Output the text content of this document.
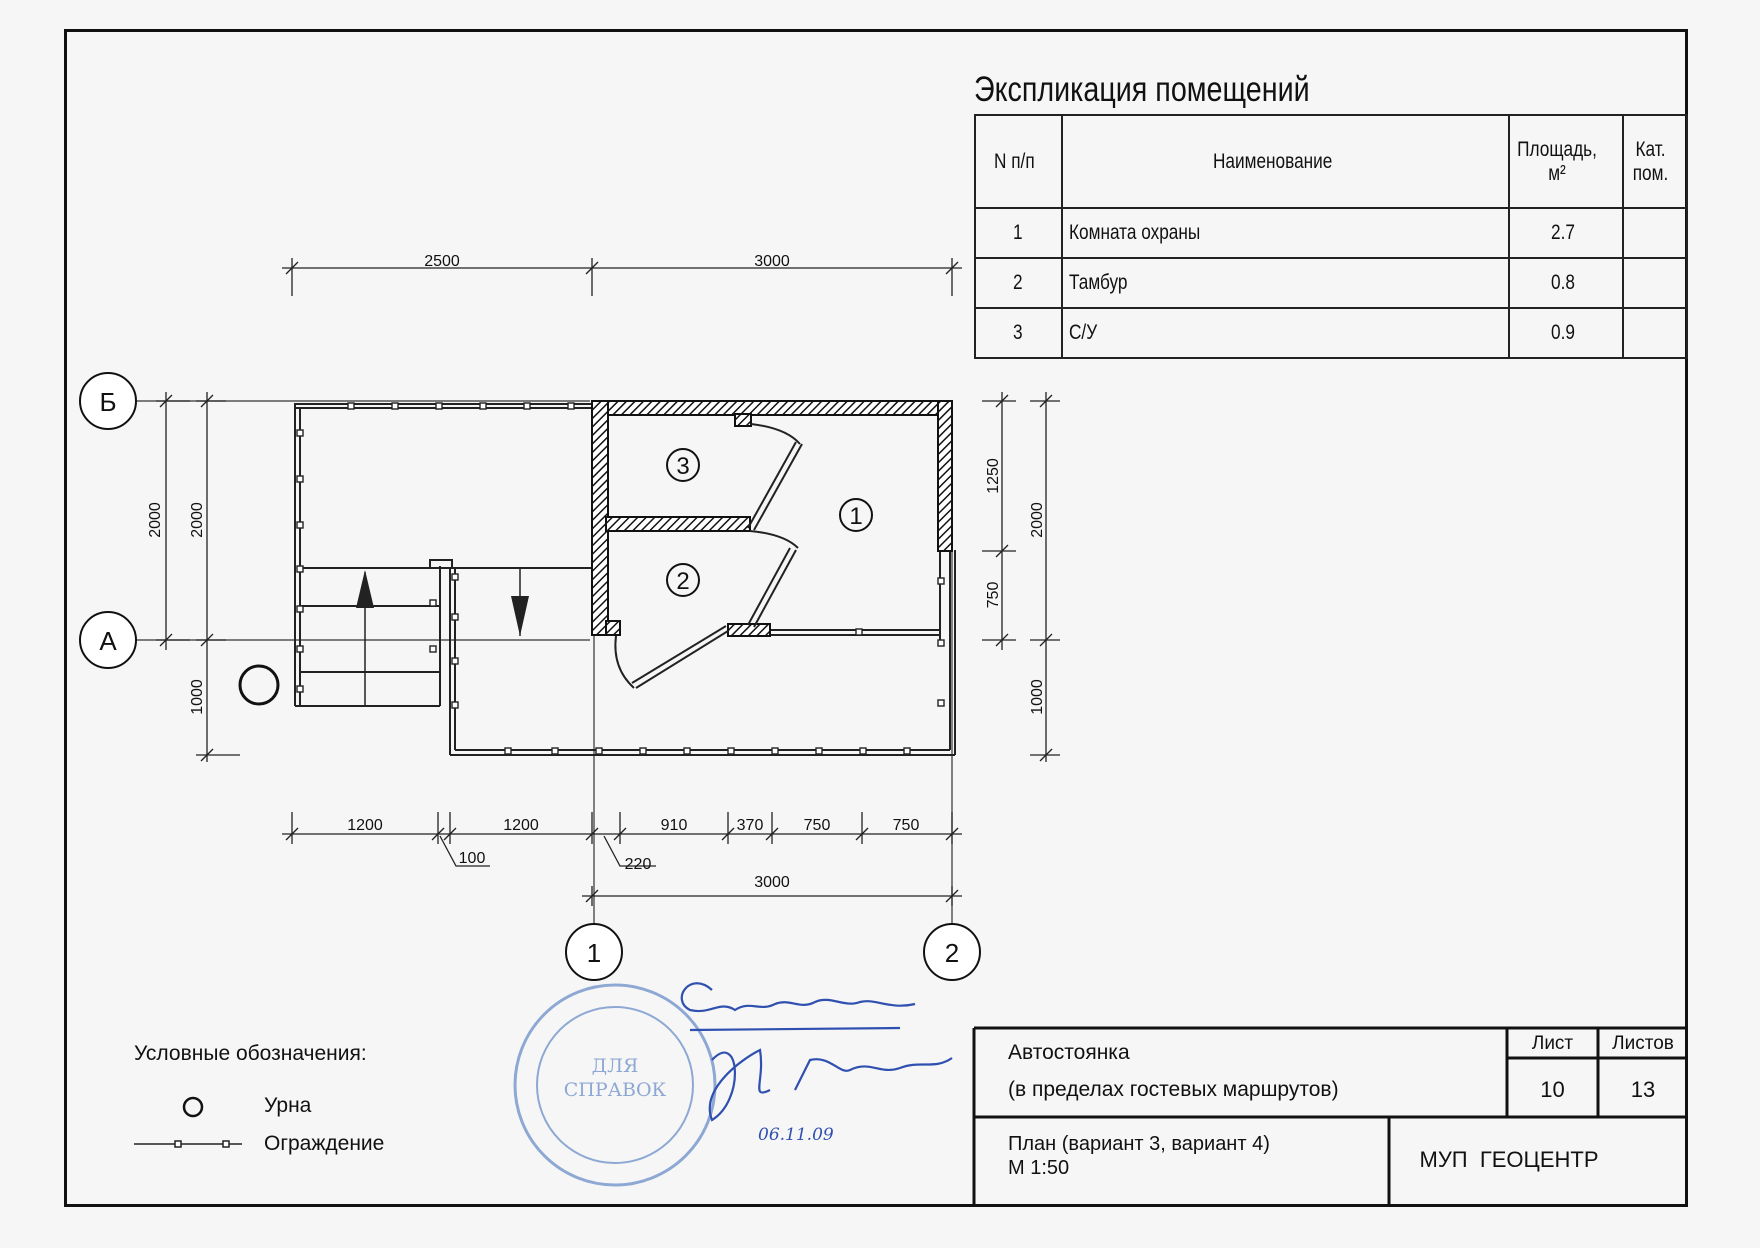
Экспликация помещений
N п/п	Наименование	Площадь, м²	Кат. пом.
1	Комната охраны	2.7	
2	Тамбур	0.8	
3	С/У	0.9	
3
1
2
Б
А
1	2
2500	3000
1200	1200	910	370	750	750
100	220
3000
2000 2000
1000
1250
750
2000
1000
ДЛЯ
СПРАВОК
06.11.09
Условные обозначения:
Урна
Ограждение
Автостоянка
(в пределах гостевых маршрутов)
Лист	Листов
10	13
План (вариант 3, вариант 4)
М 1:50	МУП  ГЕОЦЕНТР
